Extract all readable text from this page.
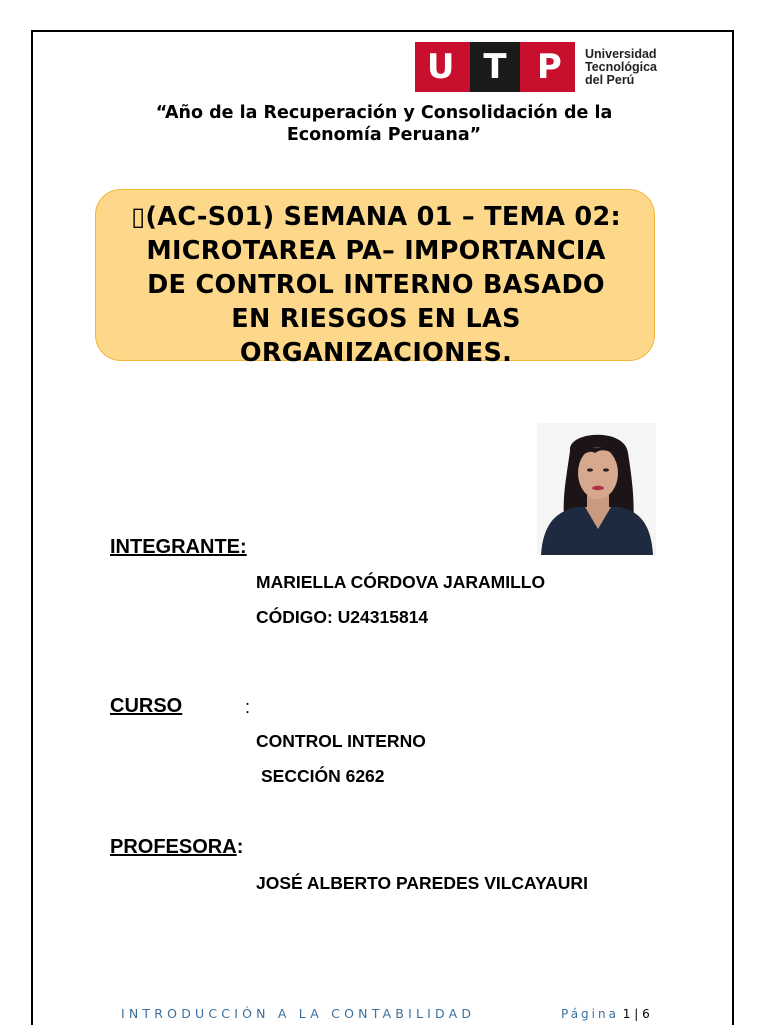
U T P	Universidad
Tecnológica
del Perú
“Año de la Recuperación y Consolidación de la
Economía Peruana”
▯(AC-S01) SEMANA 01 – TEMA 02:
MICROTAREA PA– IMPORTANCIA
DE CONTROL INTERNO BASADO
EN RIESGOS EN LAS
ORGANIZACIONES.
INTEGRANTE:
MARIELLA CÓRDOVA JARAMILLO
CÓDIGO: U24315814
CURSO	:
CONTROL INTERNO
SECCIÓN 6262
PROFESORA:
JOSÉ ALBERTO PAREDES VILCAYAURI
INTRODUCCIÓN A LA CONTABILIDAD	Página 1 | 6
